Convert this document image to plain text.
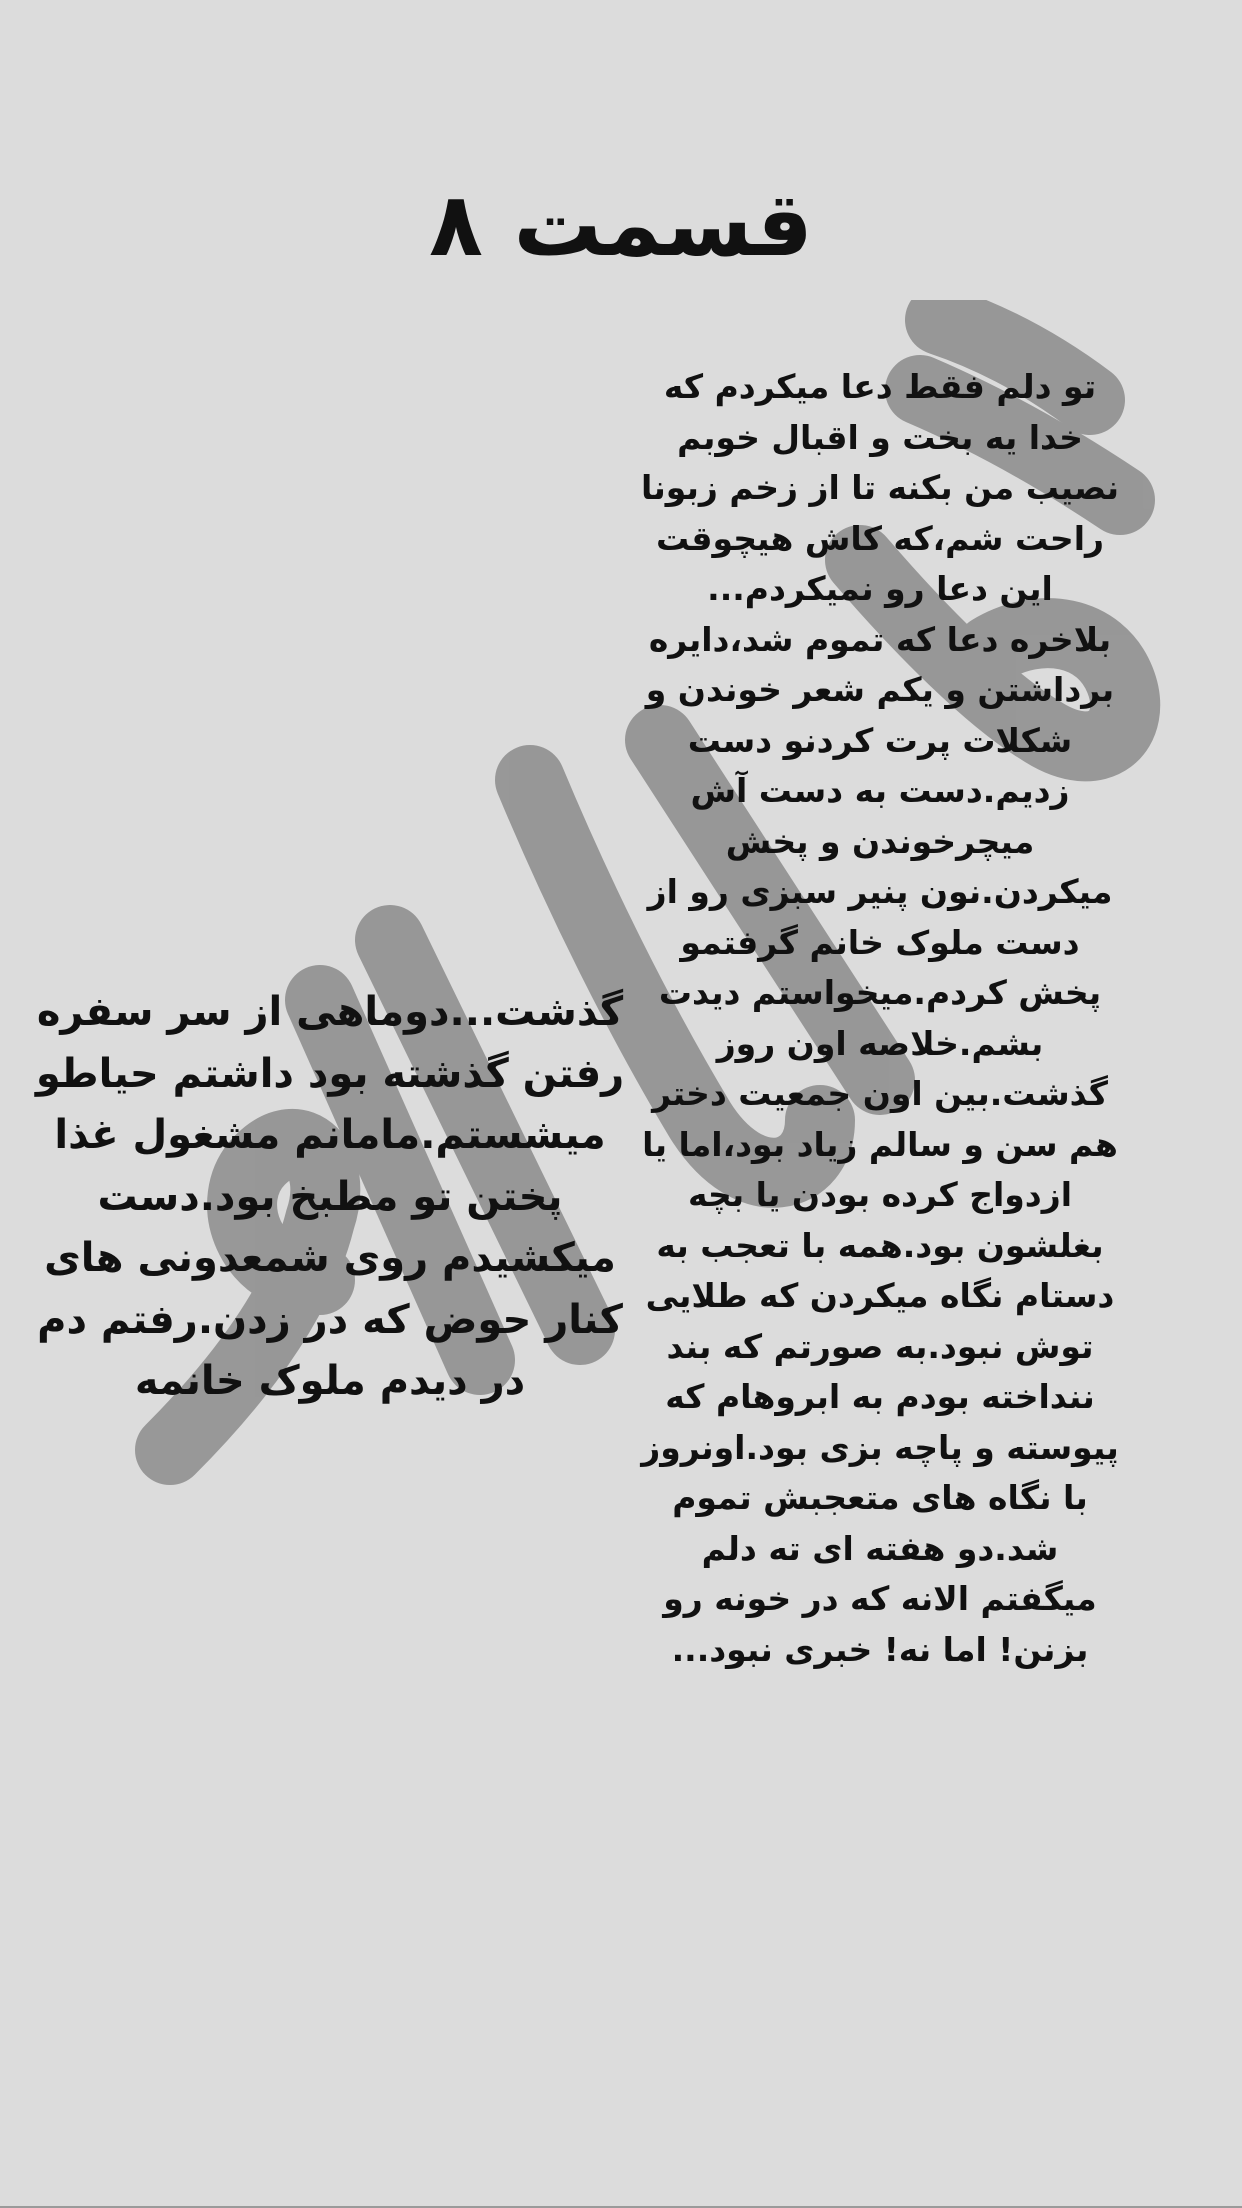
قسمت ۸
تو دلم فقط دعا میکردم که
خدا یه بخت و اقبال خوبم
نصیب من بکنه تا از زخم زبونا
راحت شم،که کاش هیچوقت
این دعا رو نمیکردم...
بلاخره دعا که تموم شد،دایره
برداشتن و یکم شعر خوندن و
شکلات پرت کردنو دست
زدیم.دست به دست آش
میچرخوندن و پخش
میکردن.نون پنیر سبزی رو از
دست ملوک خانم گرفتمو
پخش کردم.میخواستم دیدت
بشم.خلاصه اون روز
گذشت.بین اون جمعیت دختر
هم سن و سالم زیاد بود،اما یا
ازدواج کرده بودن یا بچه
بغلشون بود.همه با تعجب به
دستام نگاه میکردن که طلایی
توش نبود.به صورتم که بند
ننداخته بودم به ابروهام که
پیوسته و پاچه بزی بود.اونروز
با نگاه های متعجبش تموم
شد.دو هفته ای ته دلم
میگفتم الانه که در خونه رو
بزنن! اما نه! خبری نبود...
گذشت...دوماهی از سر سفره
رفتن گذشته بود داشتم حیاطو
میشستم.مامانم مشغول غذا
پختن تو مطبخ بود.دست
میکشیدم روی شمعدونی های
کنار حوض که در زدن.رفتم دم
در دیدم ملوک خانمه
